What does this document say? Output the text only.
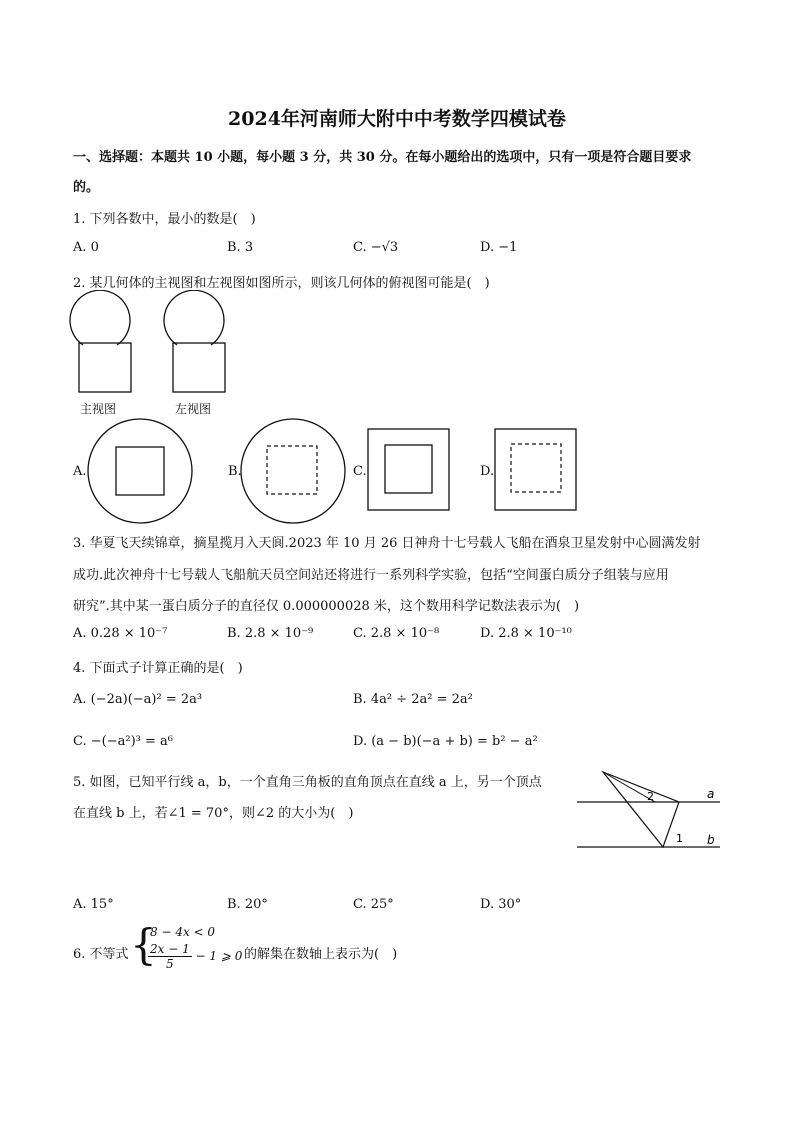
2024年河南师大附中中考数学四模试卷
一、选择题：本题共 10 小题，每小题 3 分，共 30 分。在每小题给出的选项中，只有一项是符合题目要求
的。
1. 下列各数中，最小的数是(　)
A. 0	B. 3	C. −√3	D. −1
2. 某几何体的主视图和左视图如图所示，则该几何体的俯视图可能是(　)
主视图	左视图
A.	B.	C.	D.
3. 华夏飞天续锦章，摘星揽月入天阆.2023 年 10 月 26 日神舟十七号载人飞船在酒泉卫星发射中心圆满发射
成功.此次神舟十七号载人飞船航天员空间站还将进行一系列科学实验，包括“空间蛋白质分子组装与应用
研究”.其中某一蛋白质分子的直径仅 0.000000028 米，这个数用科学记数法表示为(　)
A. 0.28 × 10⁻⁷	B. 2.8 × 10⁻⁹	C. 2.8 × 10⁻⁸	D. 2.8 × 10⁻¹⁰
4. 下面式子计算正确的是(　)
A. (−2a)(−a)² = 2a³	B. 4a² ÷ 2a² = 2a²
C. −(−a²)³ = a⁶	D. (a − b)(−a + b) = b² − a²
5. 如图，已知平行线 a，b，一个直角三角板的直角顶点在直线 a 上，另一个顶点
在直线 b 上，若∠1 = 70°，则∠2 的大小为(　)
2
1
a
b
A. 15°	B. 20°	C. 25°	D. 30°
6. 不等式 {
8 − 4x < 0
$\frac{2x - 1}{5} - 1$ ⩾ 0 的解集在数轴上表示为(　)
